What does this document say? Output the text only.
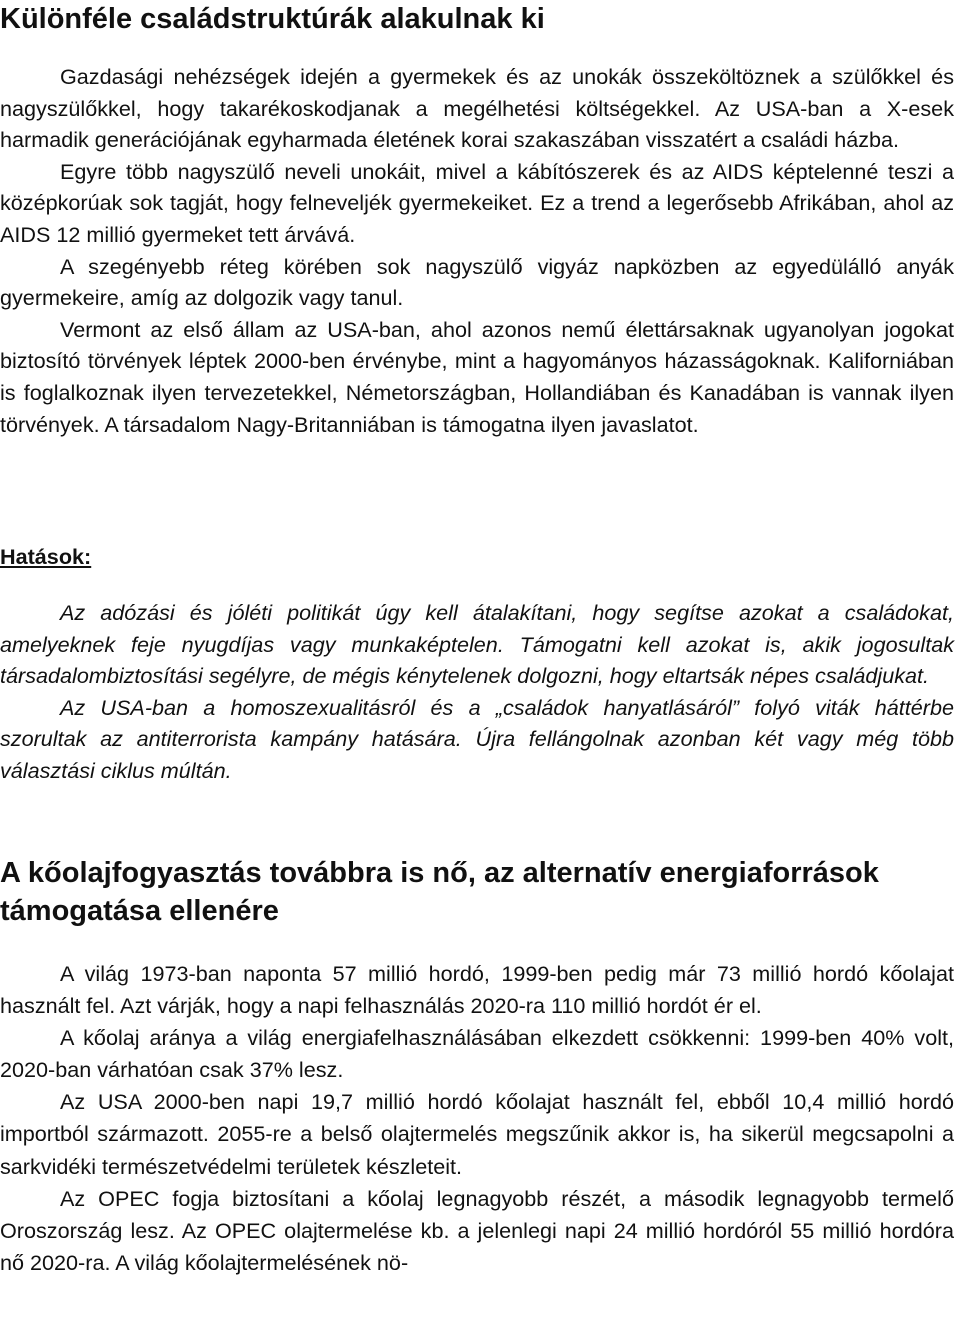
Különféle családstruktúrák alakulnak ki

Gazdasági nehézségek idején a gyermekek és az unokák összeköltöznek a szülőkkel és nagyszülőkkel, hogy takarékoskodjanak a megélhetési költségekkel. Az USA-ban a X-esek harmadik generációjának egyharmada életének korai szakaszában visszatért a családi házba.

Egyre több nagyszülő neveli unokáit, mivel a kábítószerek és az AIDS képtelenné teszi a középkorúak sok tagját, hogy felneveljék gyermekeiket. Ez a trend a legerősebb Afrikában, ahol az AIDS 12 millió gyermeket tett árvává.

A szegényebb réteg körében sok nagyszülő vigyáz napközben az egyedülálló anyák gyermekeire, amíg az dolgozik vagy tanul.

Vermont az első állam az USA-ban, ahol azonos nemű élettársaknak ugyanolyan jogokat biztosító törvények léptek 2000-ben érvénybe, mint a hagyományos házasságoknak. Kaliforniában is foglalkoznak ilyen tervezetekkel, Németországban, Hollandiában és Kanadában is vannak ilyen törvények. A társadalom Nagy-Britanniában is támogatna ilyen javaslatot.

Hatások:

Az adózási és jóléti politikát úgy kell átalakítani, hogy segítse azokat a családokat, amelyeknek feje nyugdíjas vagy munkaképtelen. Támogatni kell azokat is, akik jogosultak társadalombiztosítási segélyre, de mégis kénytelenek dolgozni, hogy eltartsák népes családjukat.

Az USA-ban a homoszexualitásról és a „családok hanyatlásáról” folyó viták háttérbe szorultak az antiterrorista kampány hatására. Újra fellángolnak azonban két vagy még több választási ciklus múltán.

A kőolajfogyasztás továbbra is nő, az alternatív energiaforrások támogatása ellenére

A világ 1973-ban naponta 57 millió hordó, 1999-ben pedig már 73 millió hordó kőolajat használt fel. Azt várják, hogy a napi felhasználás 2020-ra 110 millió hordót ér el.

A kőolaj aránya a világ energiafelhasználásában elkezdett csökkenni: 1999-ben 40% volt, 2020-ban várhatóan csak 37% lesz.

Az USA 2000-ben napi 19,7 millió hordó kőolajat használt fel, ebből 10,4 millió hordó importból származott. 2055-re a belső olajtermelés megszűnik akkor is, ha sikerül megcsapolni a sarkvidéki természetvédelmi területek készleteit.

Az OPEC fogja biztosítani a kőolaj legnagyobb részét, a második legnagyobb termelő Oroszország lesz. Az OPEC olajtermelése kb. a jelenlegi napi 24 millió hordóról 55 millió hordóra nő 2020-ra. A világ kőolajtermelésének nö-
